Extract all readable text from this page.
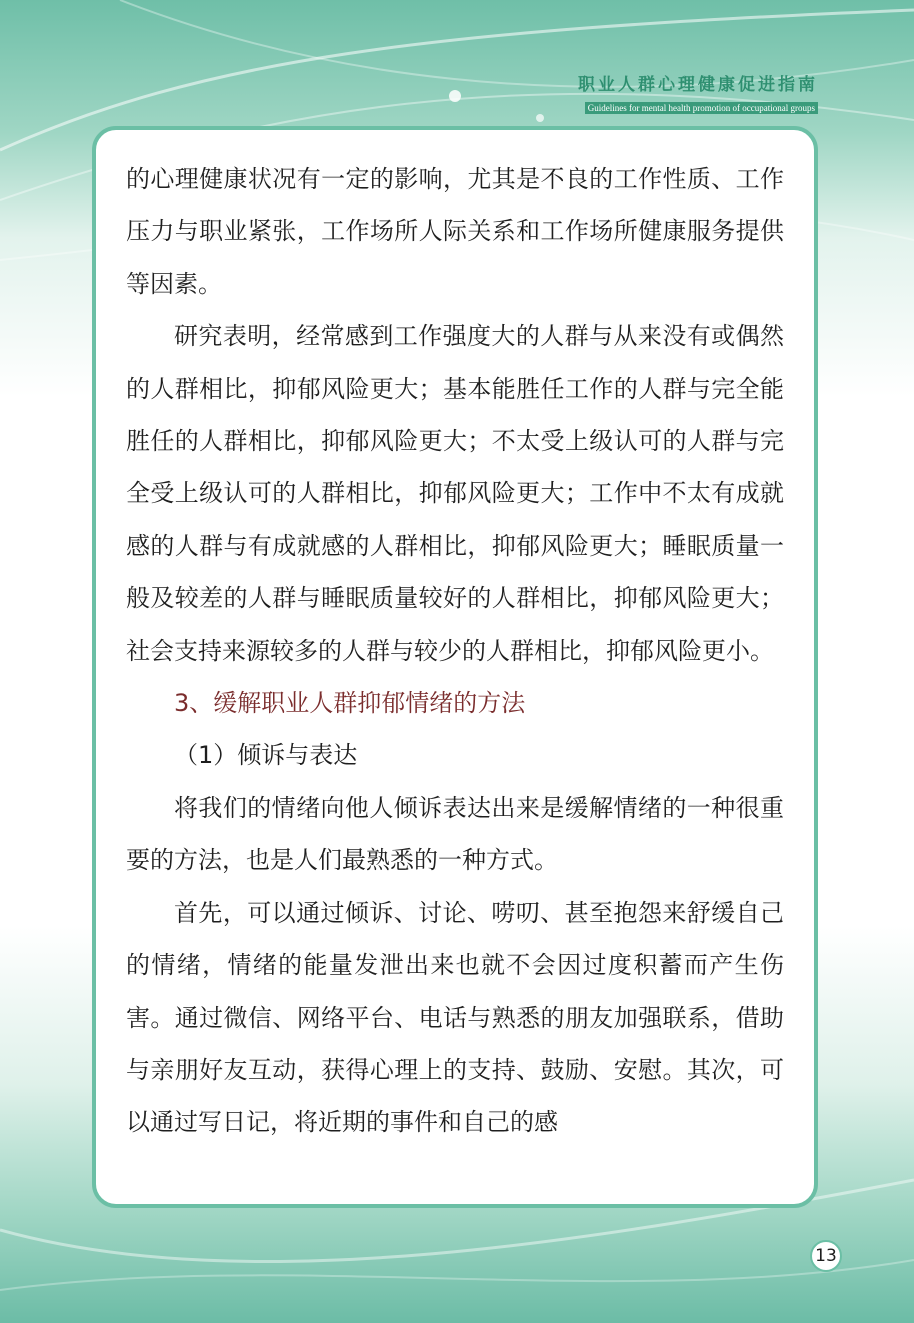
职业人群心理健康促进指南
Guidelines for mental health promotion of occupational groups

的心理健康状况有一定的影响，尤其是不良的工作性质、工作压力与职业紧张，工作场所人际关系和工作场所健康服务提供等因素。

研究表明，经常感到工作强度大的人群与从来没有或偶然的人群相比，抑郁风险更大；基本能胜任工作的人群与完全能胜任的人群相比，抑郁风险更大；不太受上级认可的人群与完全受上级认可的人群相比，抑郁风险更大；工作中不太有成就感的人群与有成就感的人群相比，抑郁风险更大；睡眠质量一般及较差的人群与睡眠质量较好的人群相比，抑郁风险更大；社会支持来源较多的人群与较少的人群相比，抑郁风险更小。

3、缓解职业人群抑郁情绪的方法

（1）倾诉与表达

将我们的情绪向他人倾诉表达出来是缓解情绪的一种很重要的方法，也是人们最熟悉的一种方式。

首先，可以通过倾诉、讨论、唠叨、甚至抱怨来舒缓自己的情绪，情绪的能量发泄出来也就不会因过度积蓄而产生伤害。通过微信、网络平台、电话与熟悉的朋友加强联系，借助与亲朋好友互动，获得心理上的支持、鼓励、安慰。其次，可以通过写日记，将近期的事件和自己的感

13
